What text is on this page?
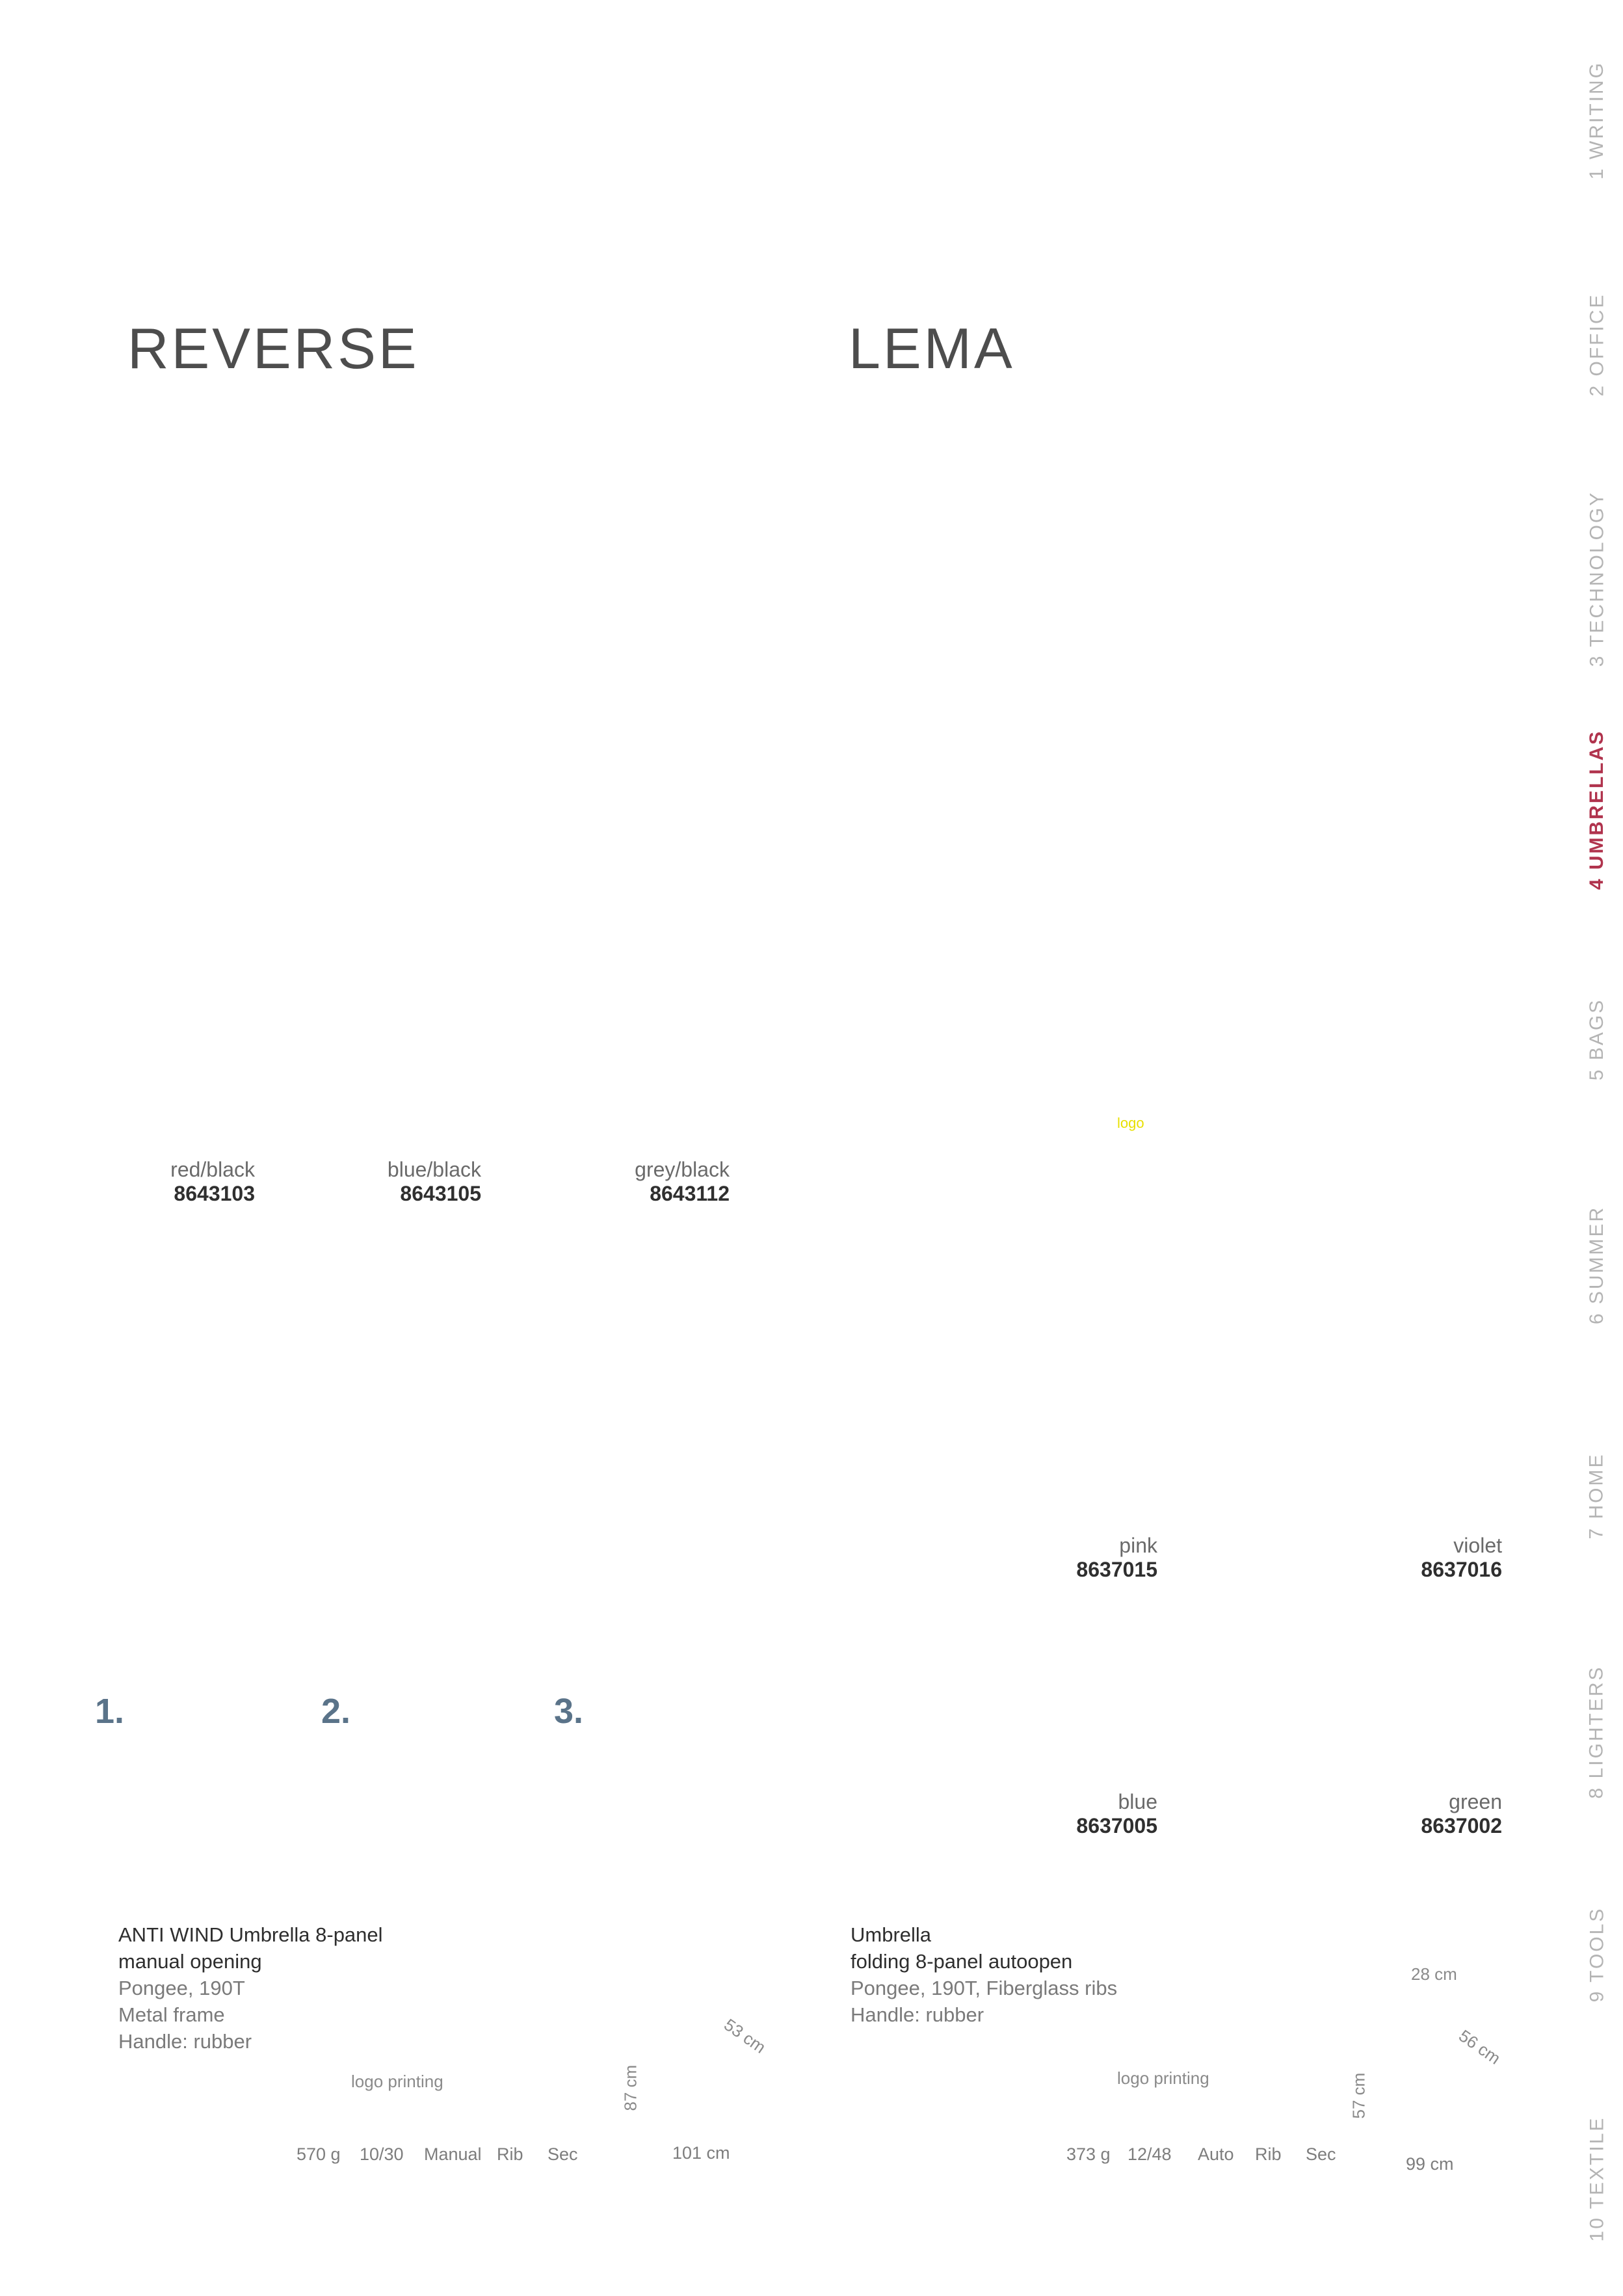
REVERSE	LEMA
red/black
8643103
blue/black
8643105
grey/black
8643112
1.	2.	3.
ANTI WIND Umbrella 8-panel
manual opening
Pongee, 190T
Metal frame
Handle: rubber
logo printing	87 cm
53 cm
570 g 10/30 Manual Rib Sec	101 cm
logo
pink
8637015
violet
8637016
blue
8637005
green
8637002
Umbrella
folding 8-panel autoopen
Pongee, 190T, Fiberglass ribs
Handle: rubber
28 cm
56 cm
logo printing	57 cm
373 g 12/48 Auto Rib Sec	99 cm
1 WRITING
2 OFFICE
3 TECHNOLOGY
4 UMBRELLAS
5 BAGS
6 SUMMER
7 HOME
8 LIGHTERS
9 TOOLS
10 TEXTILE
